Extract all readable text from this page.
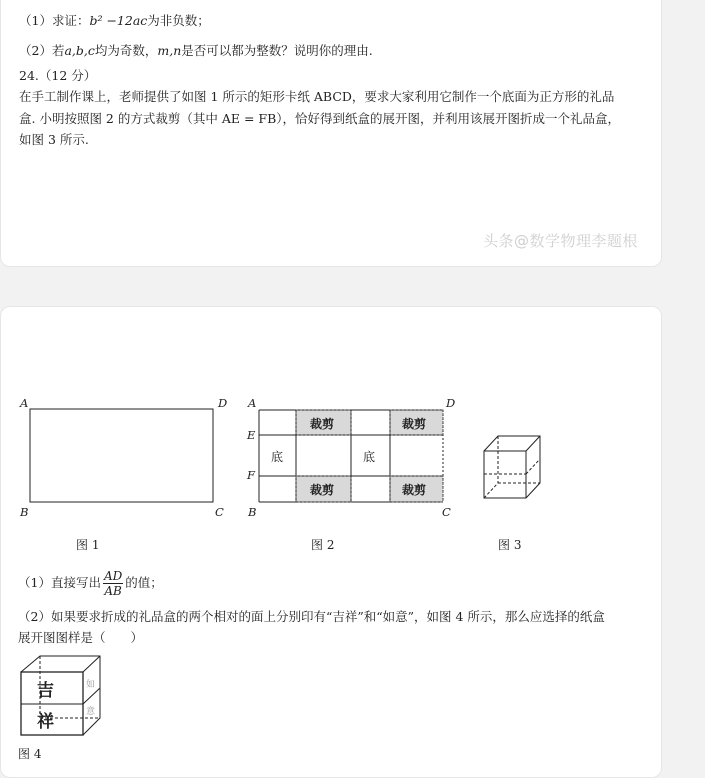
（1）求证：b² −12ac为非负数；
（2）若a,b,c均为奇数，m,n是否可以都为整数？说明你的理由.
24.（12 分）
在手工制作课上，老师提供了如图 1 所示的矩形卡纸 ABCD，要求大家利用它制作一个底面为正方形的礼品
盒. 小明按照图 2 的方式裁剪（其中 AE = FB），恰好得到纸盒的展开图，并利用该展开图折成一个礼品盒，
如图 3 所示.
头条@数学物理李题根
A	D
B	C
图 1
A	D
E
F
B	C
裁剪	裁剪
裁剪	裁剪
底	底
图 2	图 3
（1）直接写出 $\frac{AD}{AB}$ 的值；
（2）如果要求折成的礼品盒的两个相对的面上分别印有“吉祥”和“如意”，如图 4 所示，那么应选择的纸盒
展开图图样是（　　）
吉
祥
如
意
图 4
